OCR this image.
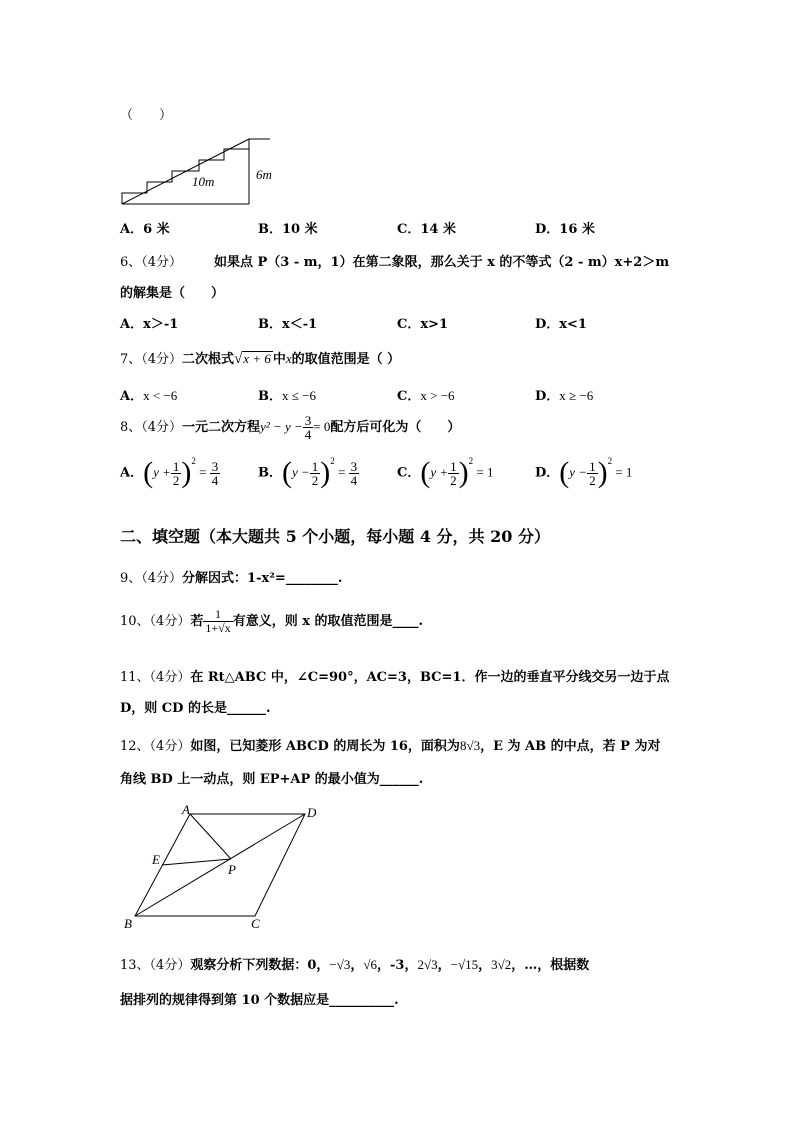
（　　）
10m	6m
A．6 米	B．10 米	C．14 米	D．16 米
6、（4分） 如果点 P（3 - m，1）在第二象限，那么关于 x 的不等式（2 - m）x+2＞m
的解集是（　　）
A．x＞-1	B．x＜-1	C．x>1	D．x<1
7、（4分）二次根式√x + 6 中x的取值范围是（ ）
A．x < −6	B．x ≤ −6	C．x > −6	D．x ≥ −6
8、（4分）一元二次方程$y^2 - y - \frac{3}{4} = 0$配方后可化为（　　）
A．$(y + \frac{1}{2} )^2 = \frac{3}{4}$	B．$(y - \frac{1}{2} )^2 = \frac{3}{4}$	C．$(y + \frac{1}{2} )^2 = 1$	D．$(y - \frac{1}{2} )^2 = 1$
二、填空题（本大题共 5 个小题，每小题 4 分，共 20 分）
9、（4分）分解因式：1-x²=________.
10、（4分）若 $\frac{1}{1+√x}$ 有意义，则 x 的取值范围是____.
11、（4分）在 Rt△ABC 中，∠C=90°，AC=3，BC=1．作一边的垂直平分线交另一边于点
D，则 CD 的长是______.
12、（4分）如图，已知菱形 ABCD 的周长为 16，面积为8√3，E 为 AB 的中点，若 P 为对
角线 BD 上一动点，则 EP+AP 的最小值为______.
A	D
E
P
B	C
13、（4分）观察分析下列数据：0，−√3，√6，-3，2√3，−√15，3√2，…，根据数
据排列的规律得到第 10 个数据应是__________.
